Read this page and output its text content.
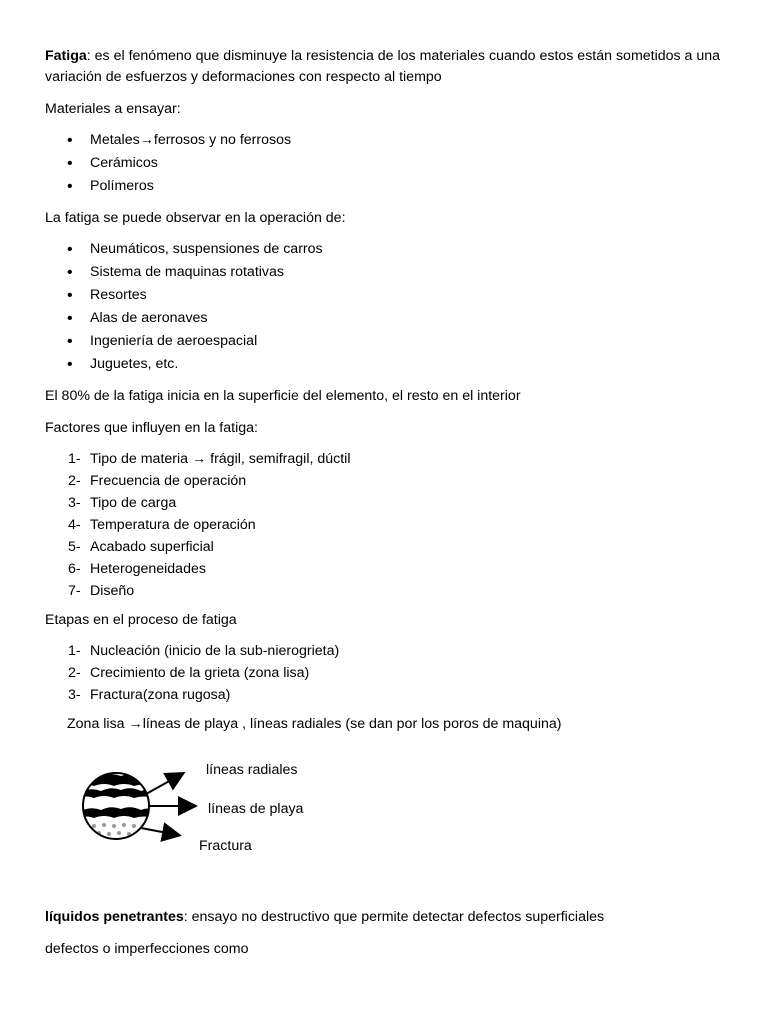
Fatiga: es el fenómeno que disminuye la resistencia de los materiales cuando estos están sometidos a una variación de esfuerzos y deformaciones con respecto al tiempo

Materiales a ensayar:

• Metales→ferrosos y no ferrosos
• Cerámicos
• Polímeros

La fatiga se puede observar en la operación de:

• Neumáticos, suspensiones de carros
• Sistema de maquinas rotativas
• Resortes
• Alas de aeronaves
• Ingeniería de aeroespacial
• Juguetes, etc.

El 80% de la fatiga inicia en la superficie del elemento, el resto en el interior

Factores que influyen en la fatiga:

1- Tipo de materia → frágil, semifragil, dúctil
2- Frecuencia de operación
3- Tipo de carga
4- Temperatura de operación
5- Acabado superficial
6- Heterogeneidades
7- Diseño

Etapas en el proceso de fatiga

1- Nucleación (inicio de la sub-nierogrieta)
2- Crecimiento de la grieta (zona lisa)
3- Fractura(zona rugosa)

Zona lisa →líneas de playa , líneas radiales (se dan por los poros de maquina)

líneas radiales
líneas de playa
Fractura

líquidos penetrantes: ensayo no destructivo que permite detectar defectos superficiales

defectos o imperfecciones como
